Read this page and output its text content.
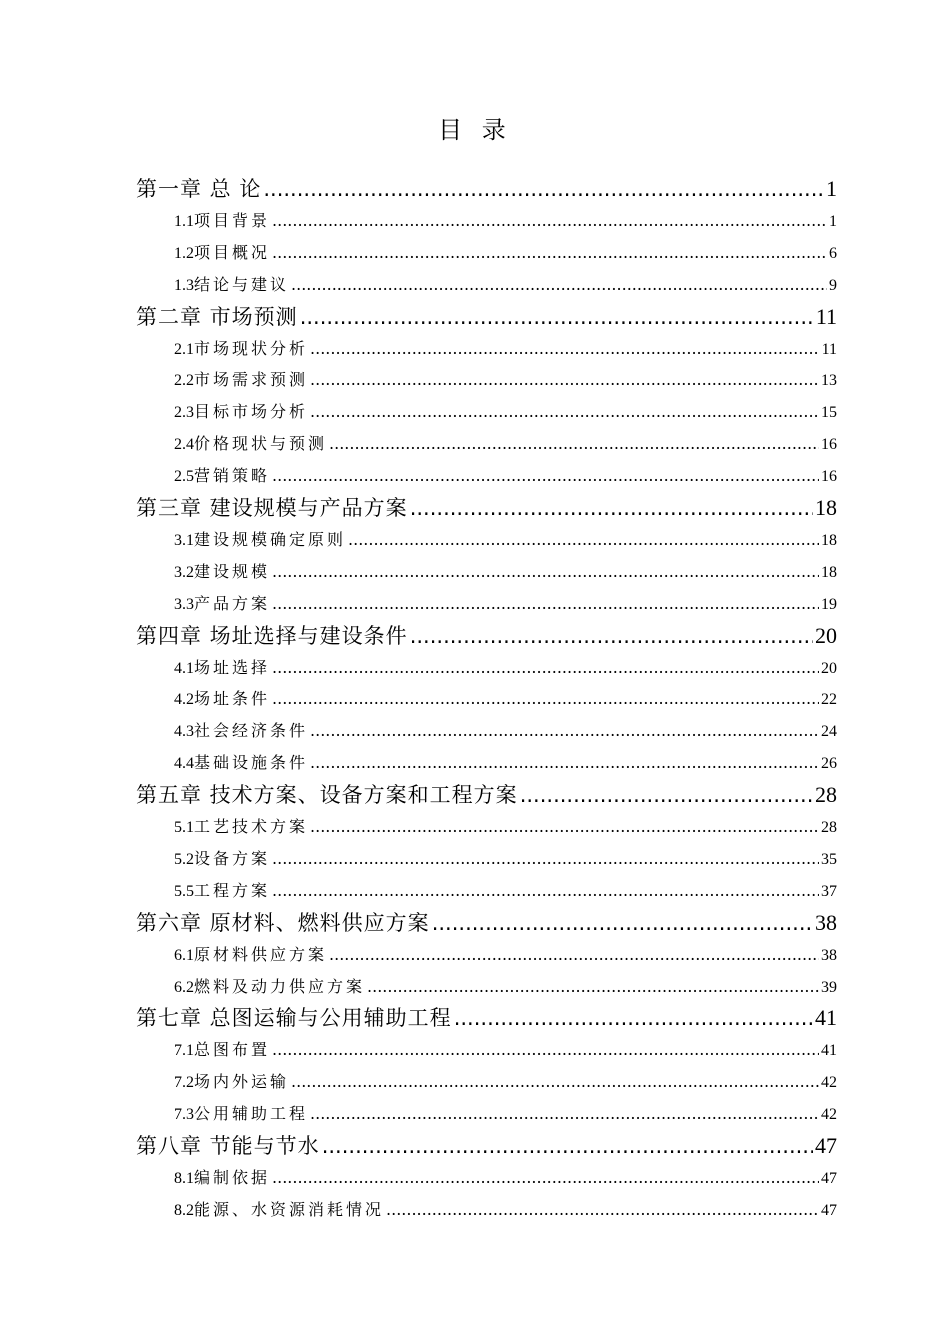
目 录
第一章 总 论 .....	1
1.1 项目背景 .....	1
1.2 项目概况 .....	6
1.3 结论与建议 .....	9
第二章 市场预测 .....	11
2.1 市场现状分析 .....	11
2.2 市场需求预测 .....	13
2.3 目标市场分析 .....	15
2.4 价格现状与预测 .....	16
2.5 营销策略 .....	16
第三章 建设规模与产品方案 .....	18
3.1 建设规模确定原则 .....	18
3.2 建设规模 .....	18
3.3 产品方案 .....	19
第四章 场址选择与建设条件 .....	20
4.1 场址选择 .....	20
4.2 场址条件 .....	22
4.3 社会经济条件 .....	24
4.4 基础设施条件 .....	26
第五章 技术方案、设备方案和工程方案 .....	28
5.1 工艺技术方案 .....	28
5.2 设备方案 .....	35
5.5 工程方案 .....	37
第六章 原材料、燃料供应方案 .....	38
6.1 原材料供应方案 .....	38
6.2 燃料及动力供应方案 .....	39
第七章 总图运输与公用辅助工程 .....	41
7.1 总图布置 .....	41
7.2 场内外运输 .....	42
7.3 公用辅助工程 .....	42
第八章 节能与节水 .....	47
8.1 编制依据 .....	47
8.2 能源、水资源消耗情况 .....	47
